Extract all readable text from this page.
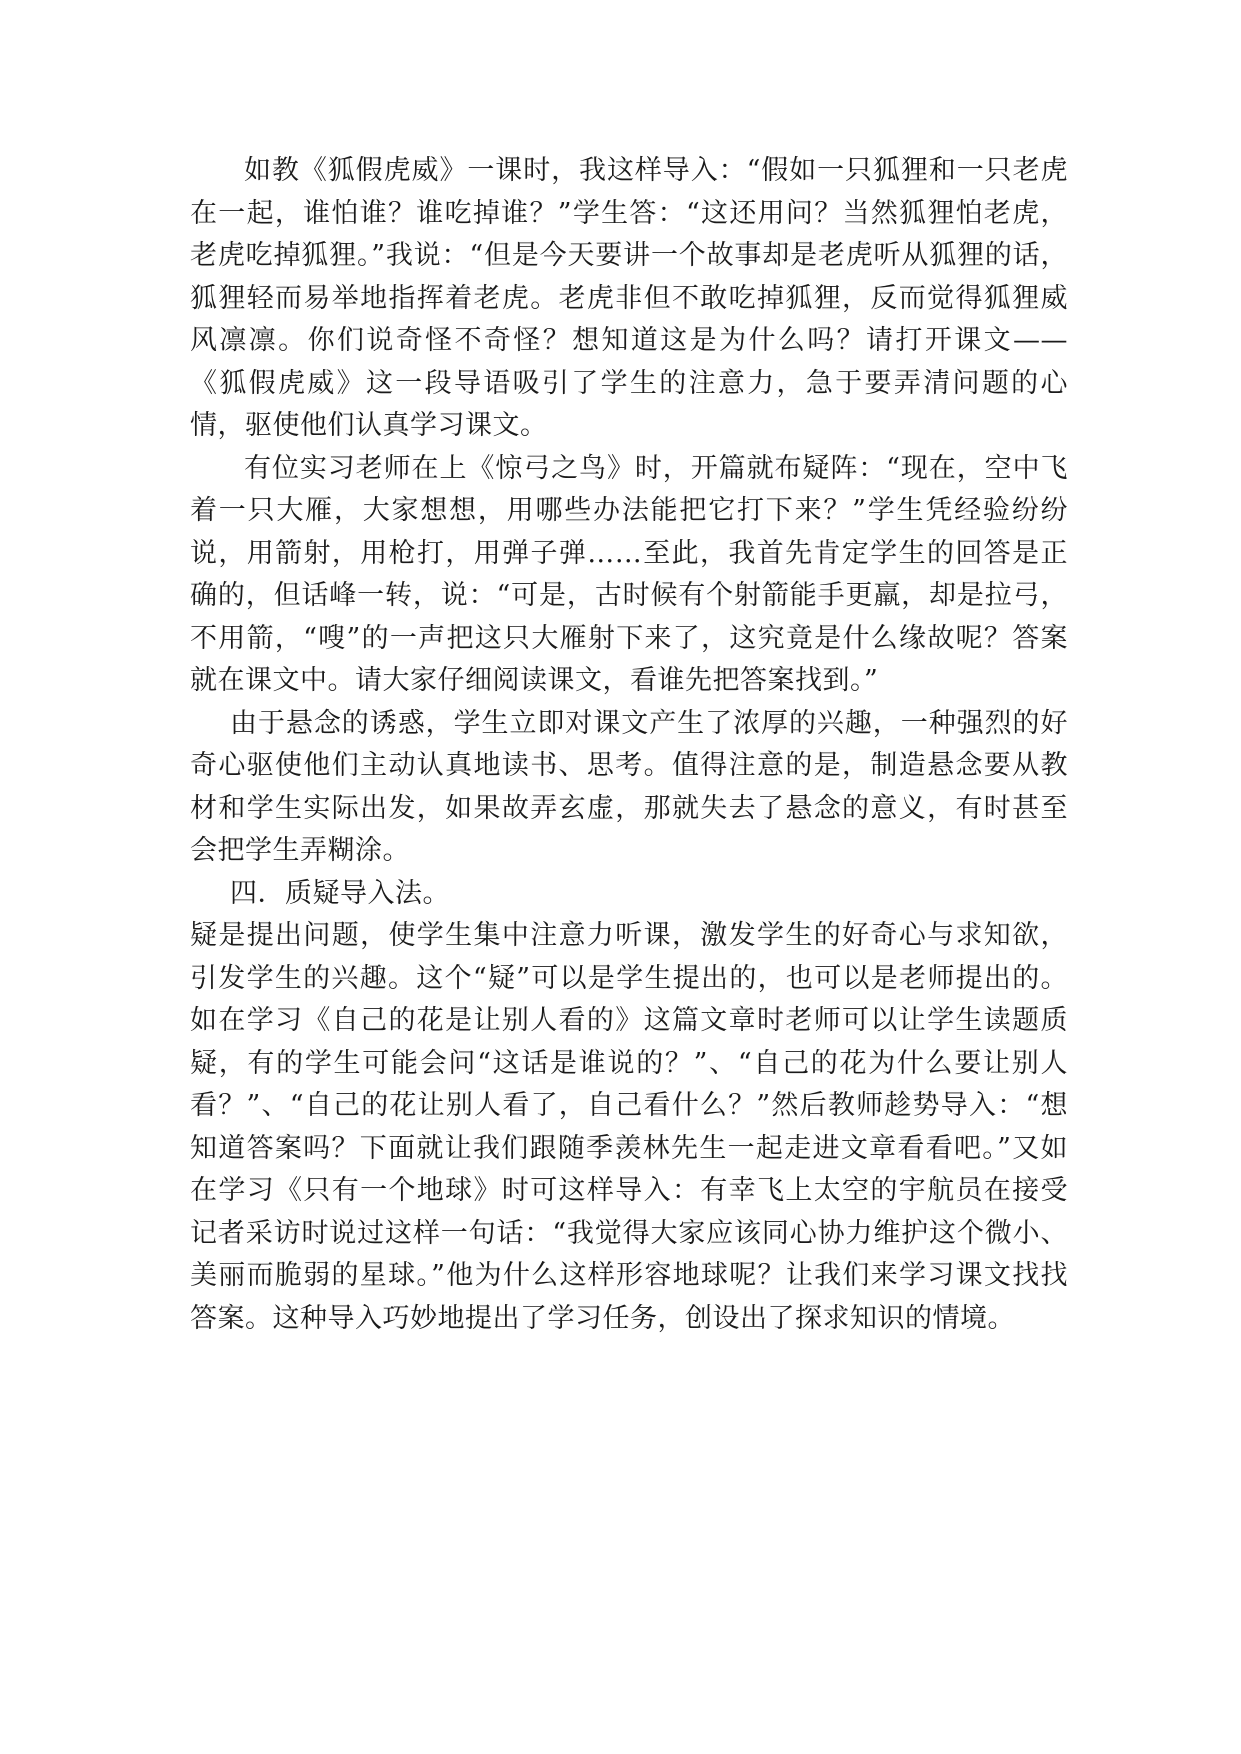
如教《狐假虎威》一课时，我这样导入：“假如一只狐狸和一只老虎在一起，谁怕谁？谁吃掉谁？”学生答：“这还用问？当然狐狸怕老虎，老虎吃掉狐狸。”我说：“但是今天要讲一个故事却是老虎听从狐狸的话，狐狸轻而易举地指挥着老虎。老虎非但不敢吃掉狐狸，反而觉得狐狸威风凛凛。你们说奇怪不奇怪？想知道这是为什么吗？请打开课文——《狐假虎威》这一段导语吸引了学生的注意力，急于要弄清问题的心情，驱使他们认真学习课文。

有位实习老师在上《惊弓之鸟》时，开篇就布疑阵：“现在，空中飞着一只大雁，大家想想，用哪些办法能把它打下来？”学生凭经验纷纷说，用箭射，用枪打，用弹子弹……至此，我首先肯定学生的回答是正确的，但话峰一转，说：“可是，古时候有个射箭能手更羸，却是拉弓，不用箭，“嗖”的一声把这只大雁射下来了，这究竟是什么缘故呢？答案就在课文中。请大家仔细阅读课文，看谁先把答案找到。”

由于悬念的诱惑，学生立即对课文产生了浓厚的兴趣，一种强烈的好奇心驱使他们主动认真地读书、思考。值得注意的是，制造悬念要从教材和学生实际出发，如果故弄玄虚，那就失去了悬念的意义，有时甚至会把学生弄糊涂。

四．质疑导入法。

疑是提出问题，使学生集中注意力听课，激发学生的好奇心与求知欲，引发学生的兴趣。这个“疑”可以是学生提出的，也可以是老师提出的。如在学习《自己的花是让别人看的》这篇文章时老师可以让学生读题质疑，有的学生可能会问“这话是谁说的？”、“自己的花为什么要让别人看？”、“自己的花让别人看了，自己看什么？”然后教师趁势导入：“想知道答案吗？下面就让我们跟随季羡林先生一起走进文章看看吧。”又如在学习《只有一个地球》时可这样导入：有幸飞上太空的宇航员在接受记者采访时说过这样一句话：“我觉得大家应该同心协力维护这个微小、美丽而脆弱的星球。”他为什么这样形容地球呢？让我们来学习课文找找答案。这种导入巧妙地提出了学习任务，创设出了探求知识的情境。
